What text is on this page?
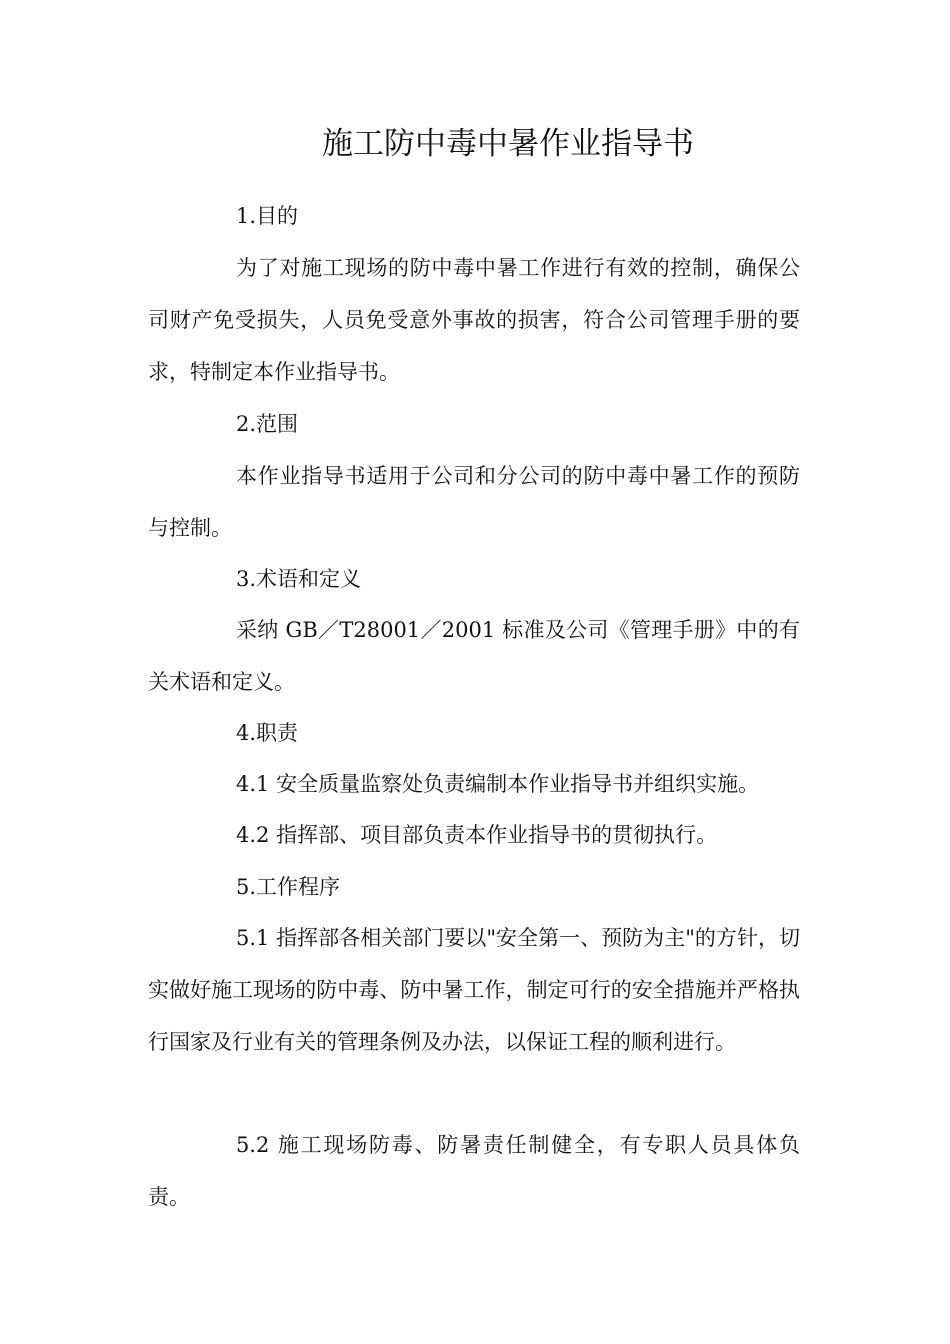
施工防中毒中暑作业指导书

1.目的

为了对施工现场的防中毒中暑工作进行有效的控制，确保公司财产免受损失，人员免受意外事故的损害，符合公司管理手册的要求，特制定本作业指导书。

2.范围

本作业指导书适用于公司和分公司的防中毒中暑工作的预防与控制。

3.术语和定义

采纳 GB／T28001／2001 标准及公司《管理手册》中的有关术语和定义。

4.职责

4.1 安全质量监察处负责编制本作业指导书并组织实施。

4.2 指挥部、项目部负责本作业指导书的贯彻执行。

5.工作程序

5.1 指挥部各相关部门要以"安全第一、预防为主"的方针，切实做好施工现场的防中毒、防中暑工作，制定可行的安全措施并严格执行国家及行业有关的管理条例及办法，以保证工程的顺利进行。

5.2 施工现场防毒、防暑责任制健全，有专职人员具体负责。
